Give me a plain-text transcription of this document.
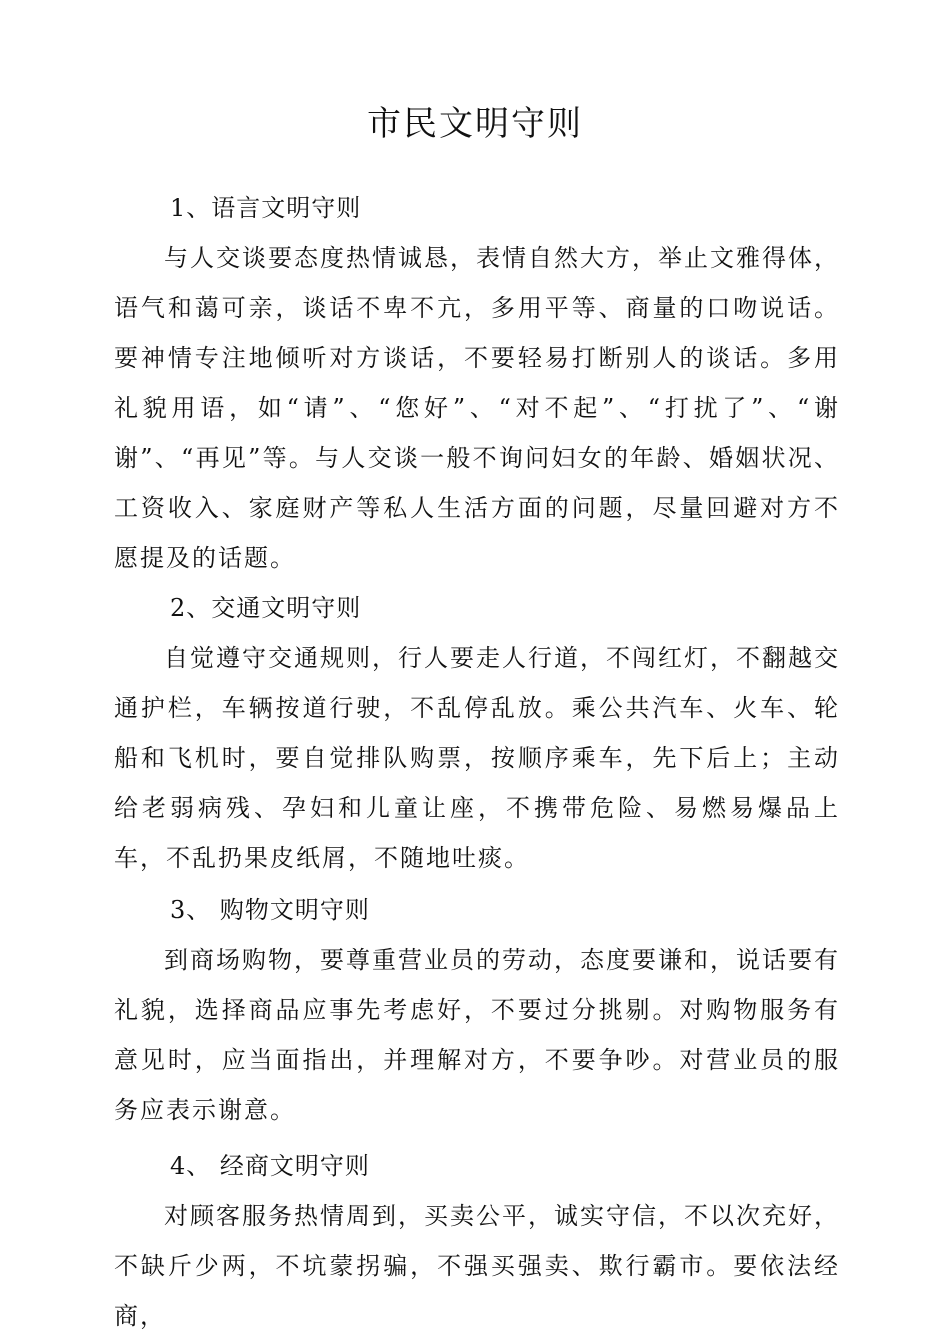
市民文明守则
1、语言文明守则
与人交谈要态度热情诚恳，表情自然大方，举止文雅得体，语气和蔼可亲，谈话不卑不亢，多用平等、商量的口吻说话。要神情专注地倾听对方谈话，不要轻易打断别人的谈话。多用礼貌用语，如“请”、“您好”、“对不起”、“打扰了”、“谢谢”、“再见”等。与人交谈一般不询问妇女的年龄、婚姻状况、工资收入、家庭财产等私人生活方面的问题，尽量回避对方不愿提及的话题。
2、交通文明守则
自觉遵守交通规则，行人要走人行道，不闯红灯，不翻越交通护栏，车辆按道行驶，不乱停乱放。乘公共汽车、火车、轮船和飞机时，要自觉排队购票，按顺序乘车，先下后上；主动给老弱病残、孕妇和儿童让座，不携带危险、易燃易爆品上车，不乱扔果皮纸屑，不随地吐痰。
3、 购物文明守则
到商场购物，要尊重营业员的劳动，态度要谦和，说话要有礼貌，选择商品应事先考虑好，不要过分挑剔。对购物服务有意见时，应当面指出，并理解对方，不要争吵。对营业员的服务应表示谢意。
4、 经商文明守则
对顾客服务热情周到，买卖公平，诚实守信，不以次充好，不缺斤少两，不坑蒙拐骗，不强买强卖、欺行霸市。要依法经商，
